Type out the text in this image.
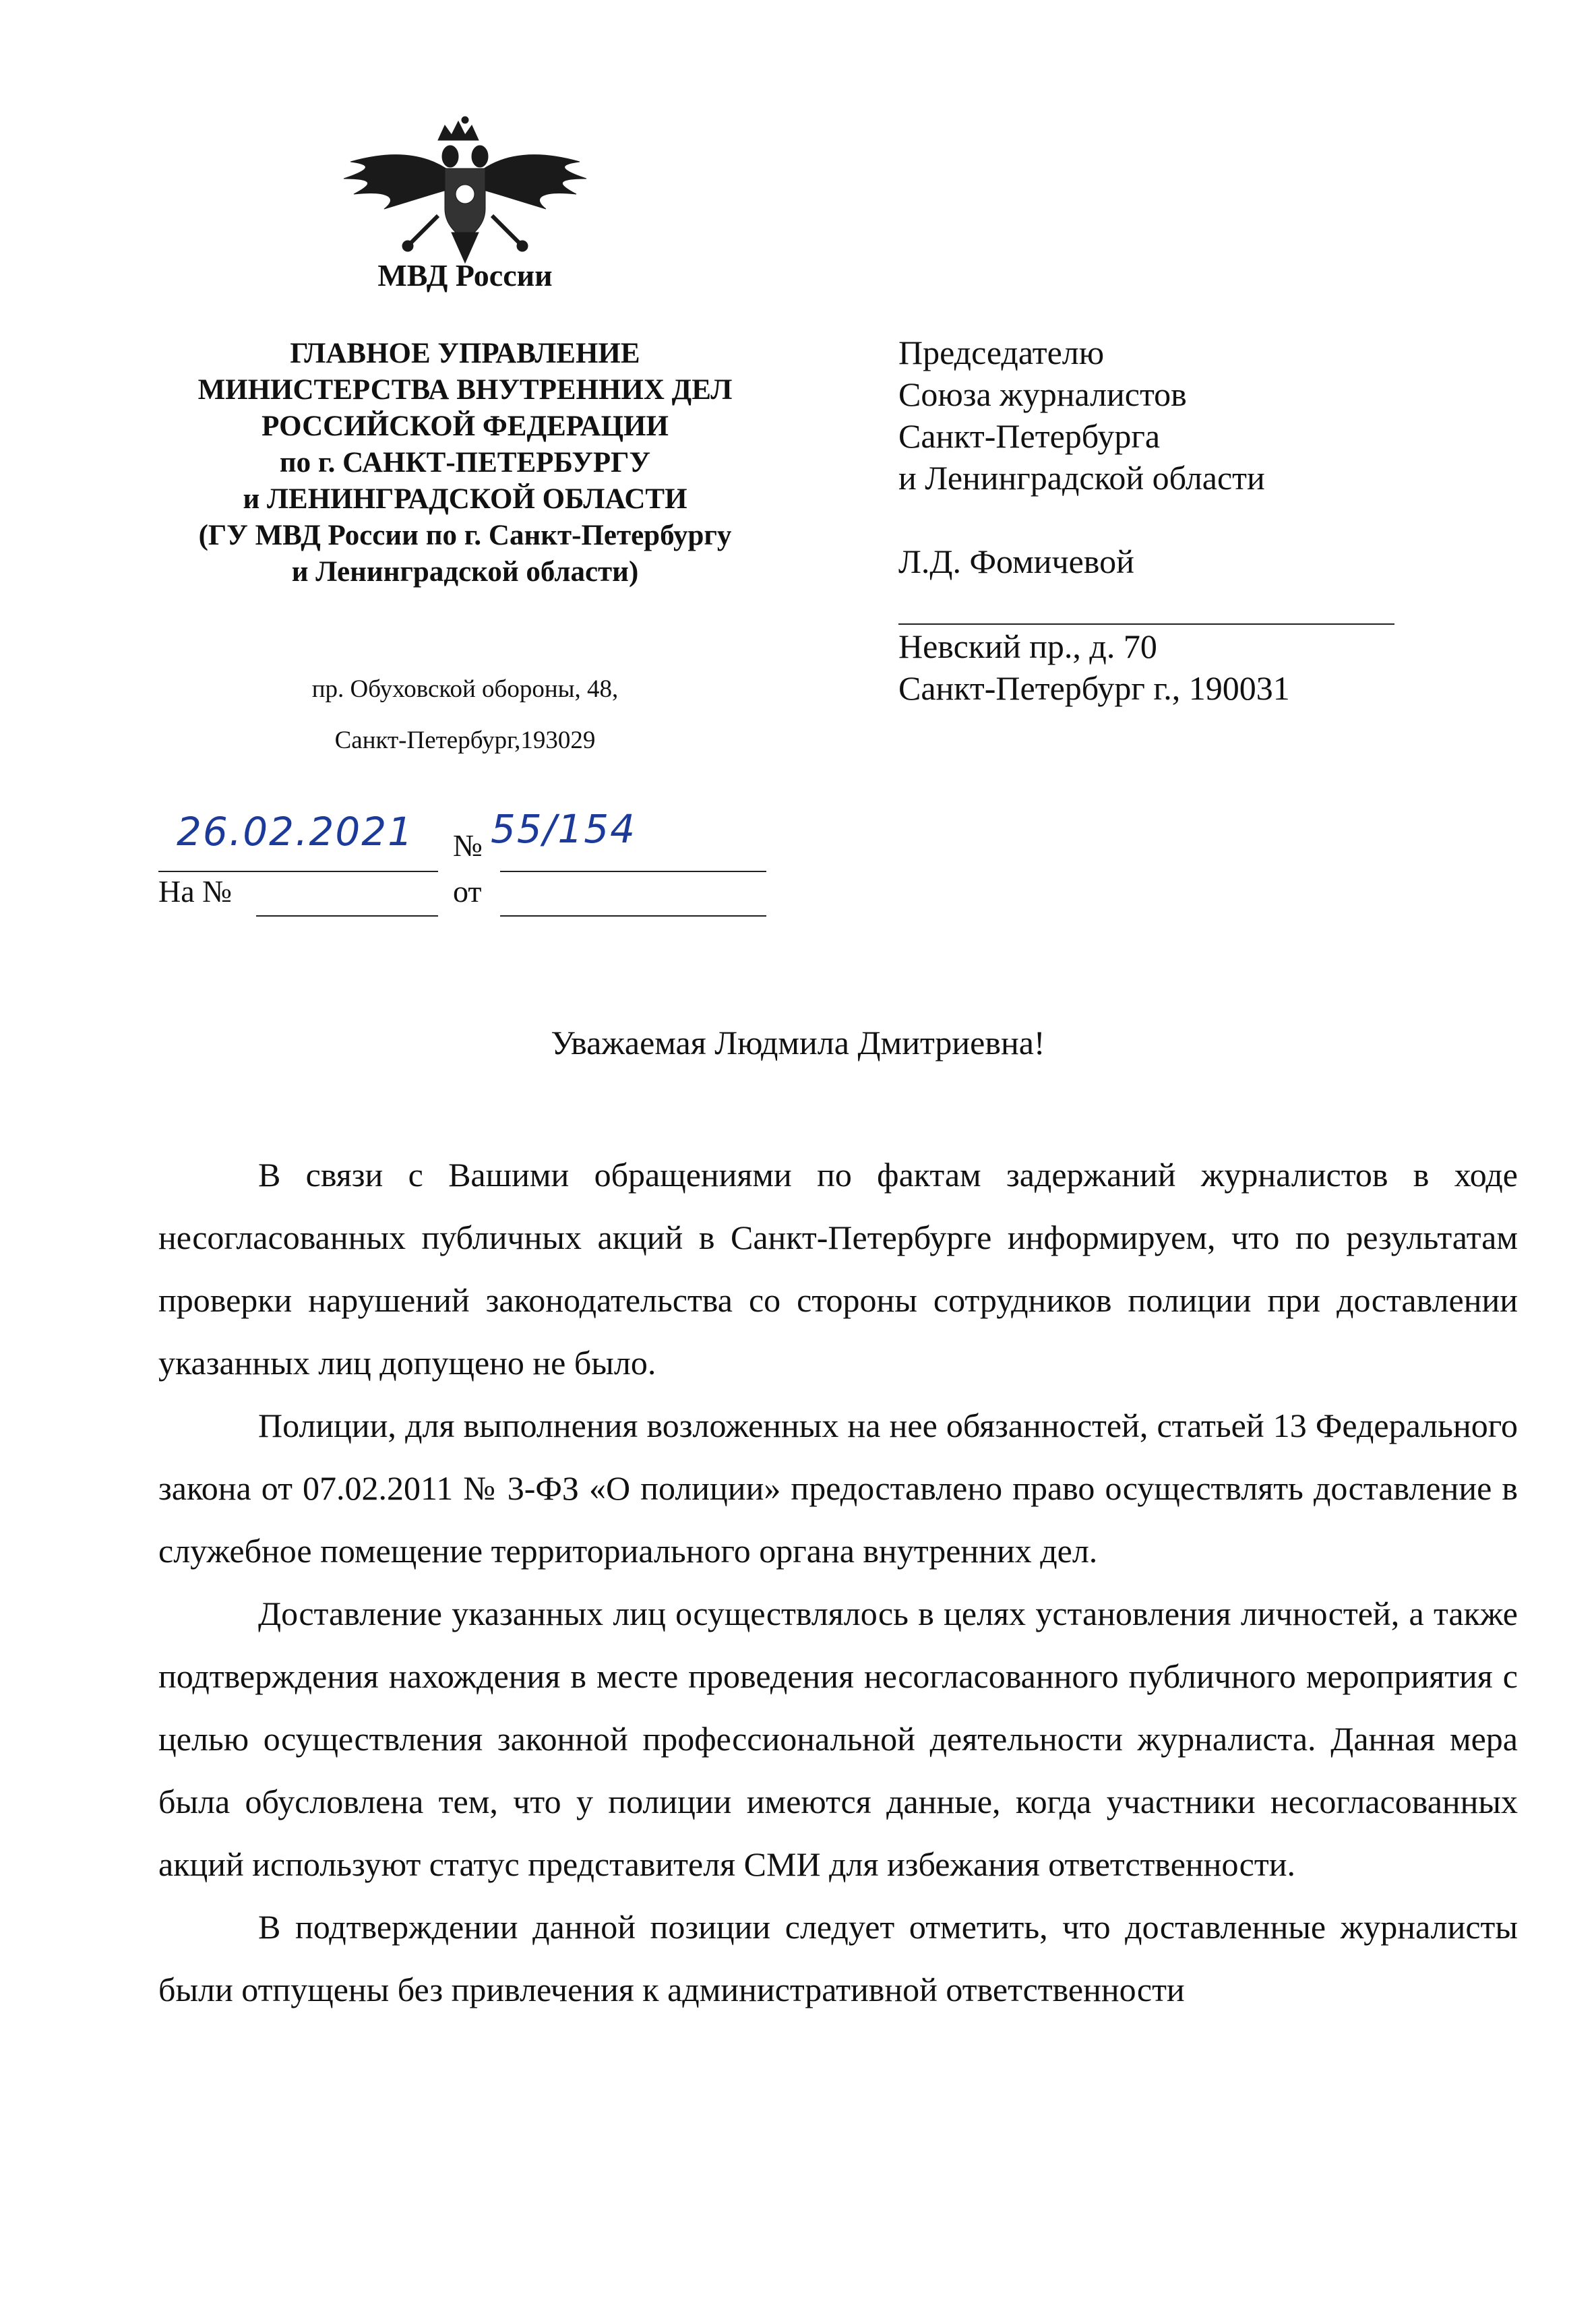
МВД России
ГЛАВНОЕ УПРАВЛЕНИЕ
МИНИСТЕРСТВА ВНУТРЕННИХ ДЕЛ
РОССИЙСКОЙ ФЕДЕРАЦИИ
по г. САНКТ-ПЕТЕРБУРГУ
и ЛЕНИНГРАДСКОЙ ОБЛАСТИ
(ГУ МВД России по г. Санкт-Петербургу
и Ленинградской области)
пр. Обуховской обороны, 48,
Санкт-Петербург,193029
Председателю
Союза журналистов
Санкт-Петербурга
и Ленинградской области
Л.Д. Фомичевой
Невский пр., д. 70
Санкт-Петербург г., 190031
26.02.2021 № 55/154
На №	от
Уважаемая Людмила Дмитриевна!

В связи с Вашими обращениями по фактам задержаний журналистов в ходе несогласованных публичных акций в Санкт-Петербурге информируем, что по результатам проверки нарушений законодательства со стороны сотрудников полиции при доставлении указанных лиц допущено не было.

Полиции, для выполнения возложенных на нее обязанностей, статьей 13 Федерального закона от 07.02.2011 № 3-ФЗ «О полиции» предоставлено право осуществлять доставление в служебное помещение территориального органа внутренних дел.

Доставление указанных лиц осуществлялось в целях установления личностей, а также подтверждения нахождения в месте проведения несогласованного публичного мероприятия с целью осуществления законной профессиональной деятельности журналиста. Данная мера была обусловлена тем, что у полиции имеются данные, когда участники несогласованных акций используют статус представителя СМИ для избежания ответственности.

В подтверждении данной позиции следует отметить, что доставленные журналисты были отпущены без привлечения к административной ответственности
